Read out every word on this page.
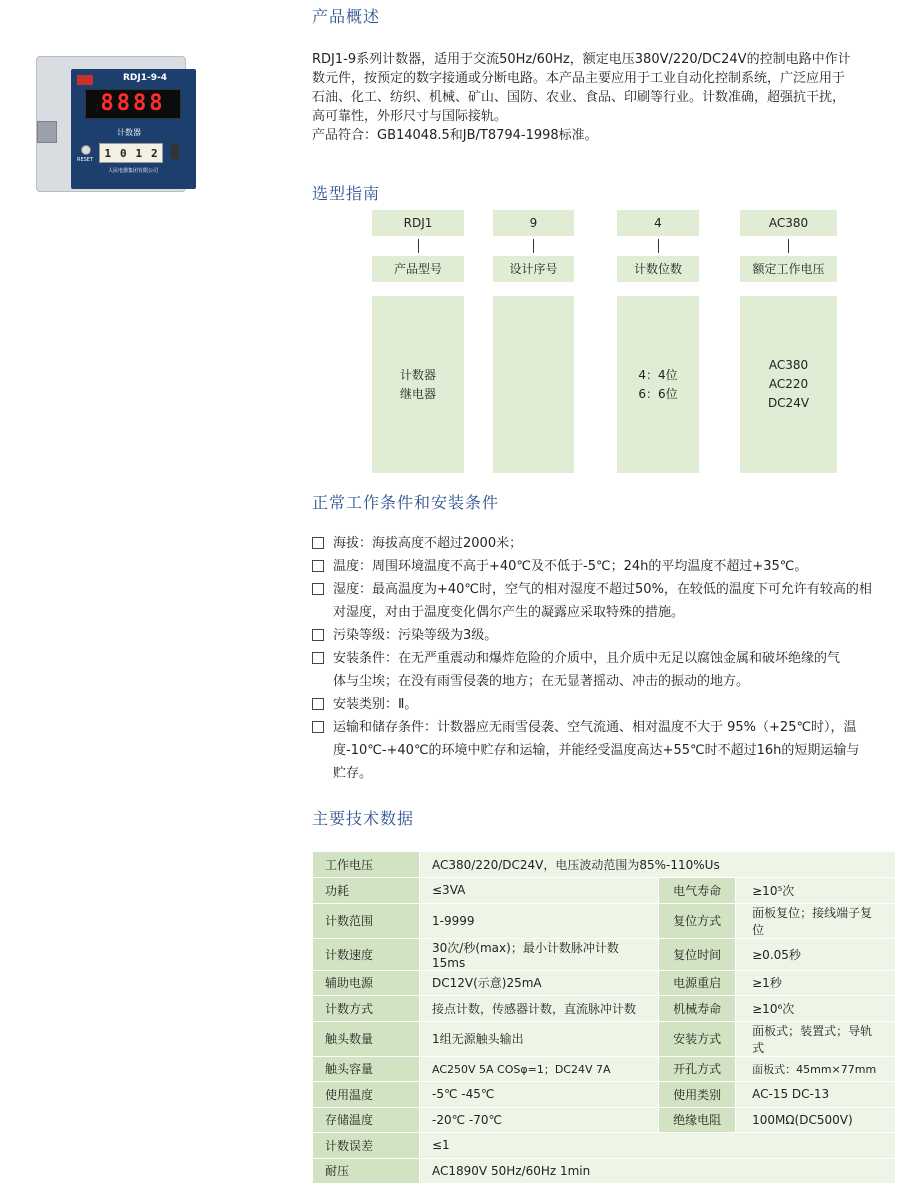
RDJ1-9-4
8888
计数器
RESET
1 0 1 2
人民电器集团有限公司
产品概述
RDJ1-9系列计数器，适用于交流50Hz/60Hz，额定电压380V/220/DC24V的控制电路中作计
数元件，按预定的数字接通或分断电路。本产品主要应用于工业自动化控制系统，广泛应用于
石油、化工、纺织、机械、矿山、国防、农业、食品、印刷等行业。计数准确，超强抗干扰，
高可靠性，外形尺寸与国际接轨。
产品符合：GB14048.5和JB/T8794-1998标准。
选型指南
RDJ1
产品型号
计数器
继电器
9
设计序号
4
计数位数
4：4位
6：6位
AC380
额定工作电压
AC380
AC220
DC24V
正常工作条件和安装条件
海拔：海拔高度不超过2000米；
温度：周围环境温度不高于+40℃及不低于-5℃；24h的平均温度不超过+35℃。
湿度：最高温度为+40℃时，空气的相对湿度不超过50%，在较低的温度下可允许有较高的相
对湿度，对由于温度变化偶尔产生的凝露应采取特殊的措施。
污染等级：污染等级为3级。
安装条件：在无严重震动和爆炸危险的介质中，且介质中无足以腐蚀金属和破坏绝缘的气
体与尘埃；在没有雨雪侵袭的地方；在无显著摇动、冲击的振动的地方。
安装类别：Ⅱ。
运输和储存条件：计数器应无雨雪侵袭、空气流通、相对温度不大于 95%（+25℃时），温
度-10℃-+40℃的环境中贮存和运输，并能经受温度高达+55℃时不超过16h的短期运输与
贮存。
主要技术数据
工作电压	AC380/220/DC24V，电压波动范围为85%-110%Us		
功耗	≤3VA	电气寿命	≥10⁵次
计数范围	1-9999	复位方式	面板复位；接线端子复位
计数速度	30次/秒(max)；最小计数脉冲计数15ms	复位时间	≥0.05秒
辅助电源	DC12V(示意)25mA	电源重启	≥1秒
计数方式	接点计数，传感器计数，直流脉冲计数	机械寿命	≥10⁶次
触头数量	1组无源触头输出	安装方式	面板式；装置式；导轨式
触头容量	AC250V 5A COSφ=1；DC24V 7A	开孔方式	面板式：45mm×77mm
使用温度	-5℃ -45℃	使用类别	AC-15 DC-13
存储温度	-20℃ -70℃	绝缘电阻	100MΩ(DC500V)
计数误差	≤1		
耐压	AC1890V 50Hz/60Hz 1min		
